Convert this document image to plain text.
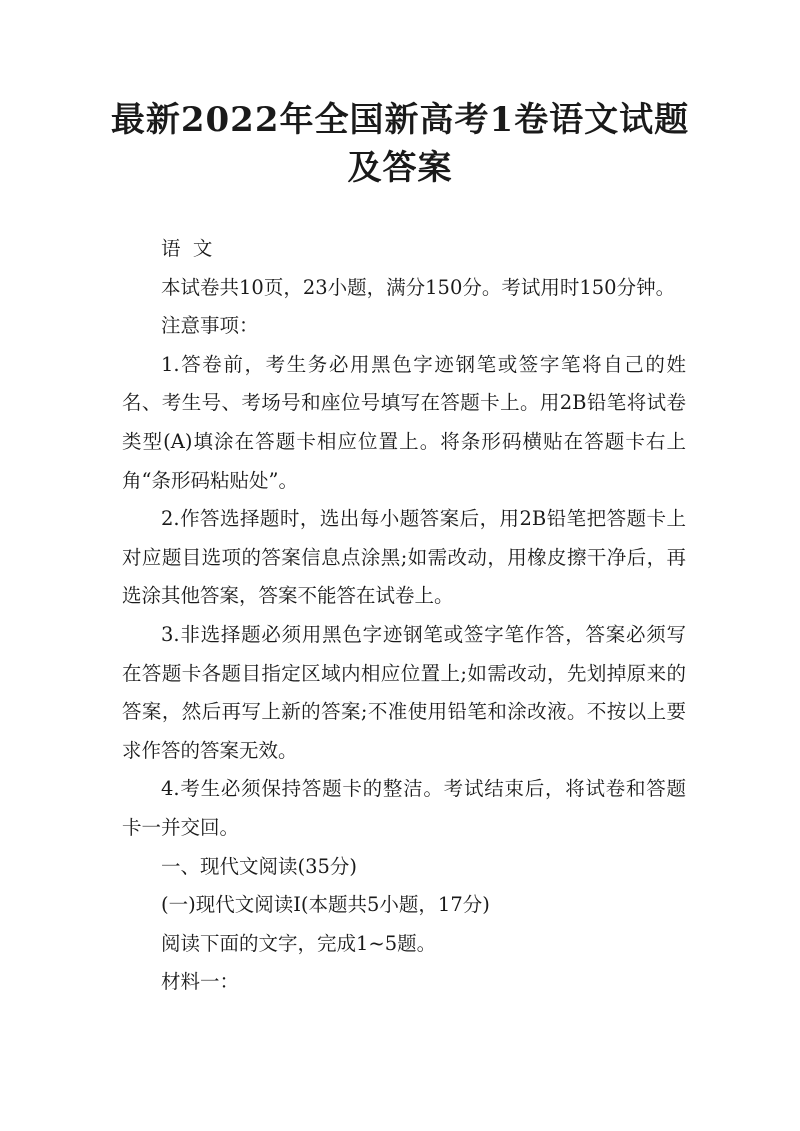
最新2022年全国新高考1卷语文试题及答案

语  文

本试卷共10页，23小题，满分150分。考试用时150分钟。

注意事项：

1.答卷前，考生务必用黑色字迹钢笔或签字笔将自己的姓名、考生号、考场号和座位号填写在答题卡上。用2B铅笔将试卷类型(A)填涂在答题卡相应位置上。将条形码横贴在答题卡右上角“条形码粘贴处”。

2.作答选择题时，选出每小题答案后，用2B铅笔把答题卡上对应题目选项的答案信息点涂黑;如需改动，用橡皮擦干净后，再选涂其他答案，答案不能答在试卷上。

3.非选择题必须用黑色字迹钢笔或签字笔作答，答案必须写在答题卡各题目指定区域内相应位置上;如需改动，先划掉原来的答案，然后再写上新的答案;不准使用铅笔和涂改液。不按以上要求作答的答案无效。

4.考生必须保持答题卡的整洁。考试结束后，将试卷和答题卡一并交回。

一、现代文阅读(35分)

(一)现代文阅读Ⅰ(本题共5小题，17分)

阅读下面的文字，完成1~5题。

材料一：
